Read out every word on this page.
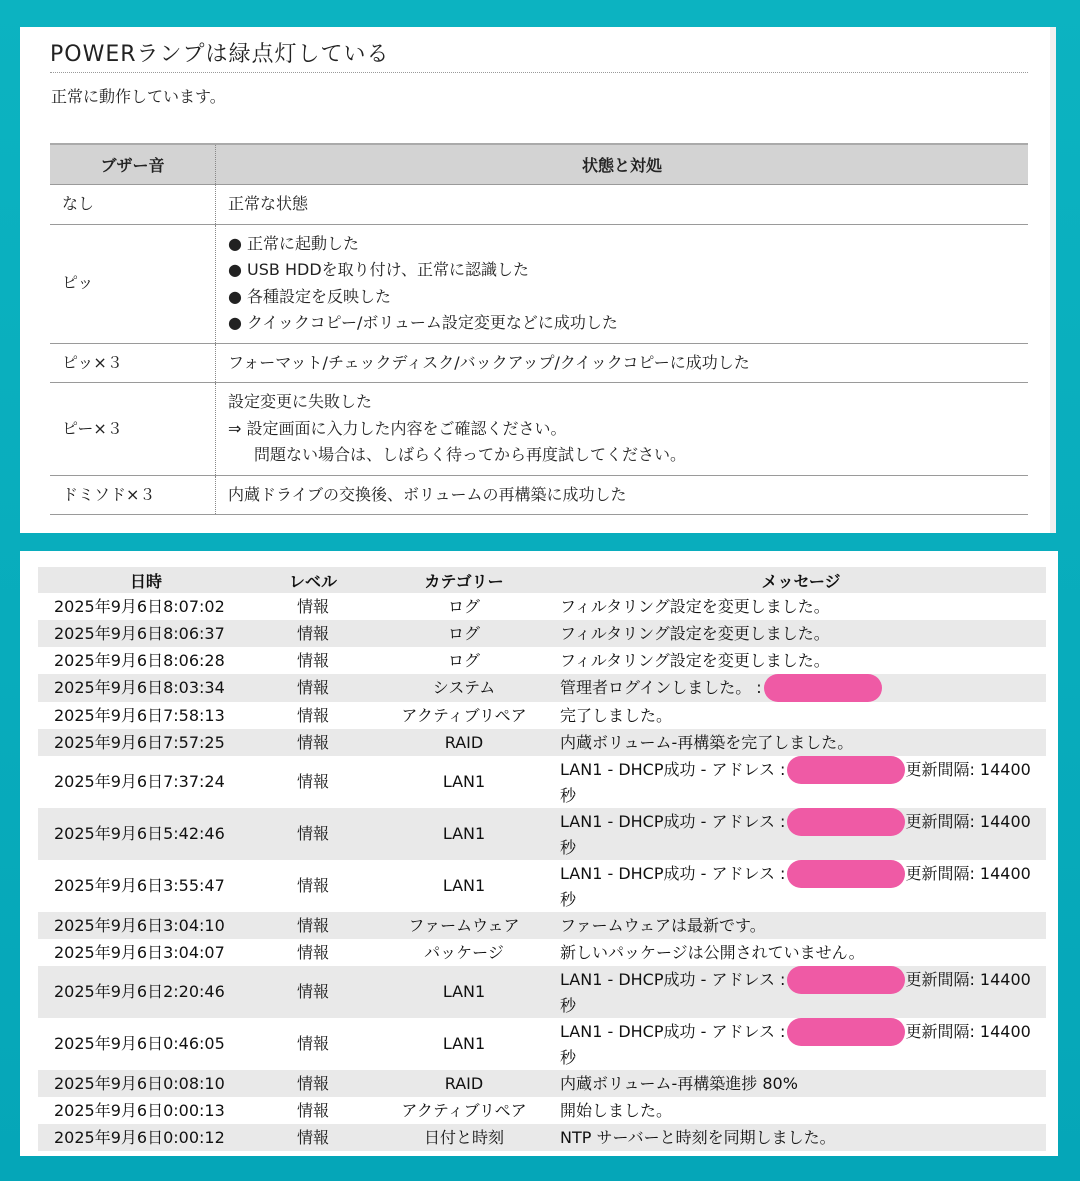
POWERランプは緑点灯している
正常に動作しています。
ブザー音	状態と対処
なし	正常な状態

ピッ	● 正常に起動した
● USB HDDを取り付け、正常に認識した
● 各種設定を反映した
● クイックコピー/ボリューム設定変更などに成功した

ピッ×３	フォーマット/チェックディスク/バックアップ/クイックコピーに成功した

ピー×３	設定変更に失敗した
⇒ 設定画面に入力した内容をご確認ください。
問題ない場合は、しばらく待ってから再度試してください。

ドミソド×３	内蔵ドライブの交換後、ボリュームの再構築に成功した
日時	レベル	カテゴリー	メッセージ
2025年9月6日8:07:02	情報	ログ	フィルタリング設定を変更しました。

2025年9月6日8:06:37	情報	ログ	フィルタリング設定を変更しました。

2025年9月6日8:06:28	情報	ログ	フィルタリング設定を変更しました。

2025年9月6日8:03:34	情報	システム	管理者ログインしました。 :

2025年9月6日7:58:13	情報	アクティブリペア	完了しました。

2025年9月6日7:57:25	情報	RAID	内蔵ボリューム-再構築を完了しました。

2025年9月6日7:37:24	情報	LAN1	LAN1 - DHCP成功 - アドレス : 更新間隔: 14400
秒

2025年9月6日5:42:46	情報	LAN1	LAN1 - DHCP成功 - アドレス : 更新間隔: 14400
秒

2025年9月6日3:55:47	情報	LAN1	LAN1 - DHCP成功 - アドレス : 更新間隔: 14400
秒

2025年9月6日3:04:10	情報	ファームウェア	ファームウェアは最新です。

2025年9月6日3:04:07	情報	パッケージ	新しいパッケージは公開されていません。

2025年9月6日2:20:46	情報	LAN1	LAN1 - DHCP成功 - アドレス : 更新間隔: 14400
秒

2025年9月6日0:46:05	情報	LAN1	LAN1 - DHCP成功 - アドレス : 更新間隔: 14400
秒

2025年9月6日0:08:10	情報	RAID	内蔵ボリューム-再構築進捗 80%

2025年9月6日0:00:13	情報	アクティブリペア	開始しました。

2025年9月6日0:00:12	情報	日付と時刻	NTP サーバーと時刻を同期しました。
